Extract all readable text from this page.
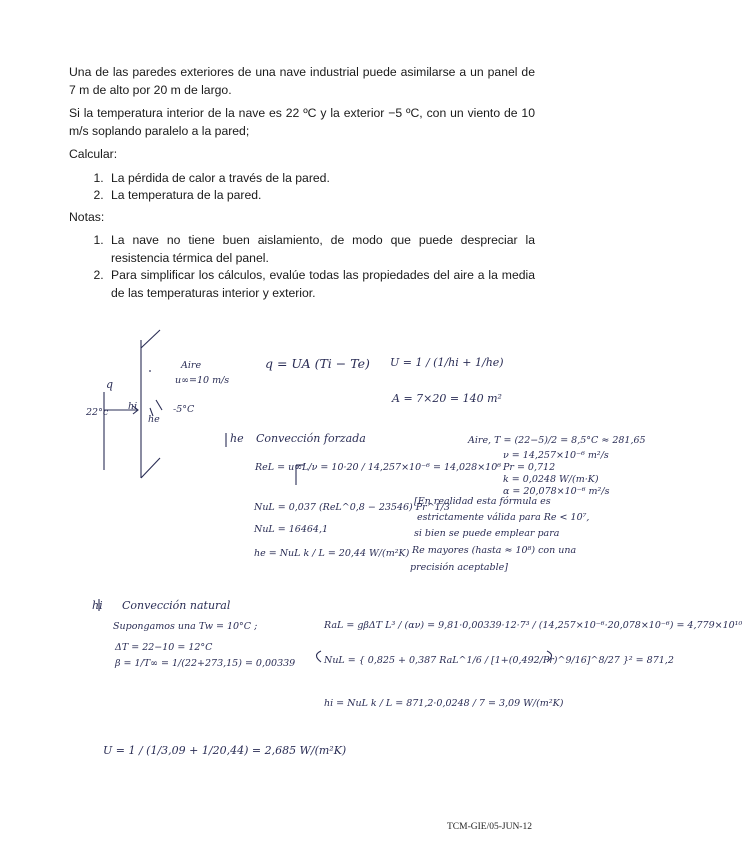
Una de las paredes exteriores de una nave industrial puede asimilarse a un panel de 7 m de alto por 20 m de largo.

Si la temperatura interior de la nave es 22 ºC y la exterior −5 ºC, con un viento de 10 m/s soplando paralelo a la pared;

Calcular:

1. La pérdida de calor a través de la pared.
2. La temperatura de la pared.

Notas:

1. La nave no tiene buen aislamiento, de modo que puede despreciar la resistencia térmica del panel.
2. Para simplificar los cálculos, evalúe todas las propiedades del aire a la media de las temperaturas interior y exterior.
q
22°c
hi
he
Aire
u∞=10 m/s
-5°C
q = UA (Ti − Te) U = 1 / (1/hi + 1/he)
A = 7×20 = 140 m²
he Convección forzada	Aire, T = (22−5)/2 = 8,5°C ≈ 281,65
ν = 14,257×10⁻⁶ m²/s
Pr = 0,712
k = 0,0248 W/(m·K)
α = 20,078×10⁻⁶ m²/s
ReL = u∞L/ν = 10·20 / 14,257×10⁻⁶ = 14,028×10⁶
NuL = 0,037 (ReL^0,8 − 23546) Pr^1/3
NuL = 16464,1
he = NuL k / L = 20,44 W/(m²K)
[En realidad esta fórmula es
estrictamente válida para Re < 10⁷,
si bien se puede emplear para
Re mayores (hasta ≈ 10⁸) con una
precisión aceptable]
hi Convección natural
Supongamos una Tw = 10°C ;
ΔT = 22−10 = 12°C
β = 1/T∞ = 1/(22+273,15) = 0,00339
RaL = gβΔT L³ / (αν) = 9,81·0,00339·12·7³ / (14,257×10⁻⁶·20,078×10⁻⁶) = 4,779×10¹⁰
NuL = { 0,825 + 0,387 RaL^1/6 / [1+(0,492/Pr)^9/16]^8/27 }² = 871,2
hi = NuL k / L = 871,2·0,0248 / 7 = 3,09 W/(m²K)
U = 1 / (1/3,09 + 1/20,44) = 2,685 W/(m²K)
TCM-GIE/05-JUN-12
